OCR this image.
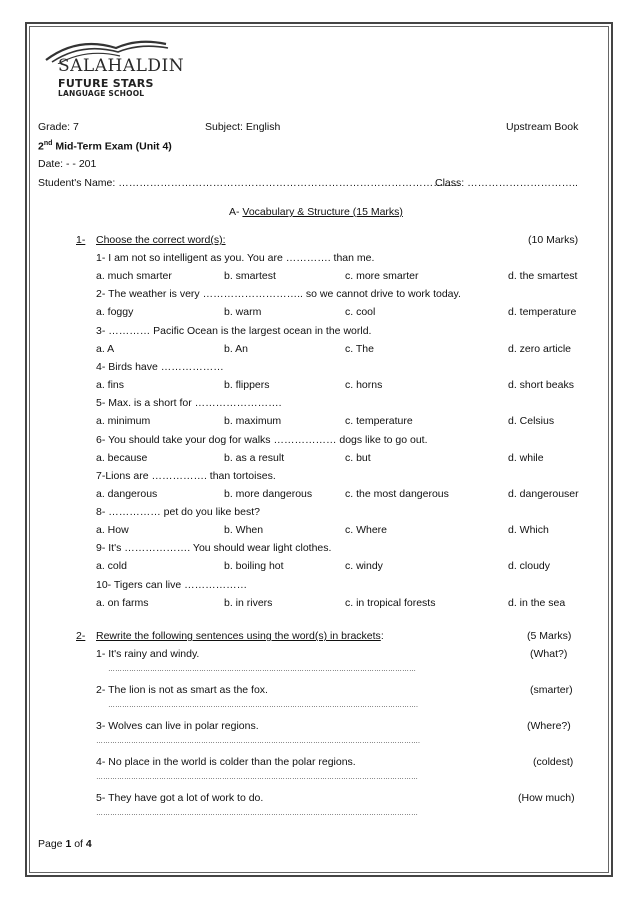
SALAHALDIN
FUTURE STARS
LANGUAGE SCHOOL
Grade: 7	Subject: English	Upstream Book
2nd Mid-Term Exam (Unit 4)
Date: - - 201
Student's Name: ……………………………………………………………………………………..
Class: …………………………..
A- Vocabulary & Structure (15 Marks)
1- Choose the correct word(s):	(10 Marks)
1- I am not so intelligent as you. You are …………. than me.
a. much smarter	b. smartest	c. more smarter	d. the smartest
2- The weather is very ……………………….. so we cannot drive to work today.
a. foggy	b. warm	c. cool	d. temperature
3- ………… Pacific Ocean is the largest ocean in the world.
a. A	b. An	c. The	d. zero article
4- Birds have ………………
a. fins	b. flippers	c. horns	d. short beaks
5- Max. is a short for …………………….
a. minimum	b. maximum	c. temperature	d. Celsius
6- You should take your dog for walks ……………… dogs like to go out.
a. because	b. as a result	c. but	d. while
7-Lions are ……………. than tortoises.
a. dangerous	b. more dangerous	c. the most dangerous	d. dangerouser
8- …………… pet do you like best?
a. How	b. When	c. Where	d. Which
9- It's ………………. You should wear light clothes.
a. cold	b. boiling hot	c. windy	d. cloudy
10- Tigers can live ………………
a. on farms	b. in rivers	c. in tropical forests	d. in the sea
2- Rewrite the following sentences using the word(s) in brackets:	(5 Marks)
1- It's rainy and windy.	(What?)
……………………………………………………………………………………………………………………
2- The lion is not as smart as the fox.	(smarter)
…………………………………………………………………………………………………………………….
3- Wolves can live in polar regions.	(Where?)
………………………………………………………………………………………………………………………….
4- No place in the world is colder than the polar regions.	(coldest)
…………………………………………………………………………………………………………………………
5- They have got a lot of work to do.	(How much)
…………………………………………………………………………………………………………………………
Page 1 of 4
